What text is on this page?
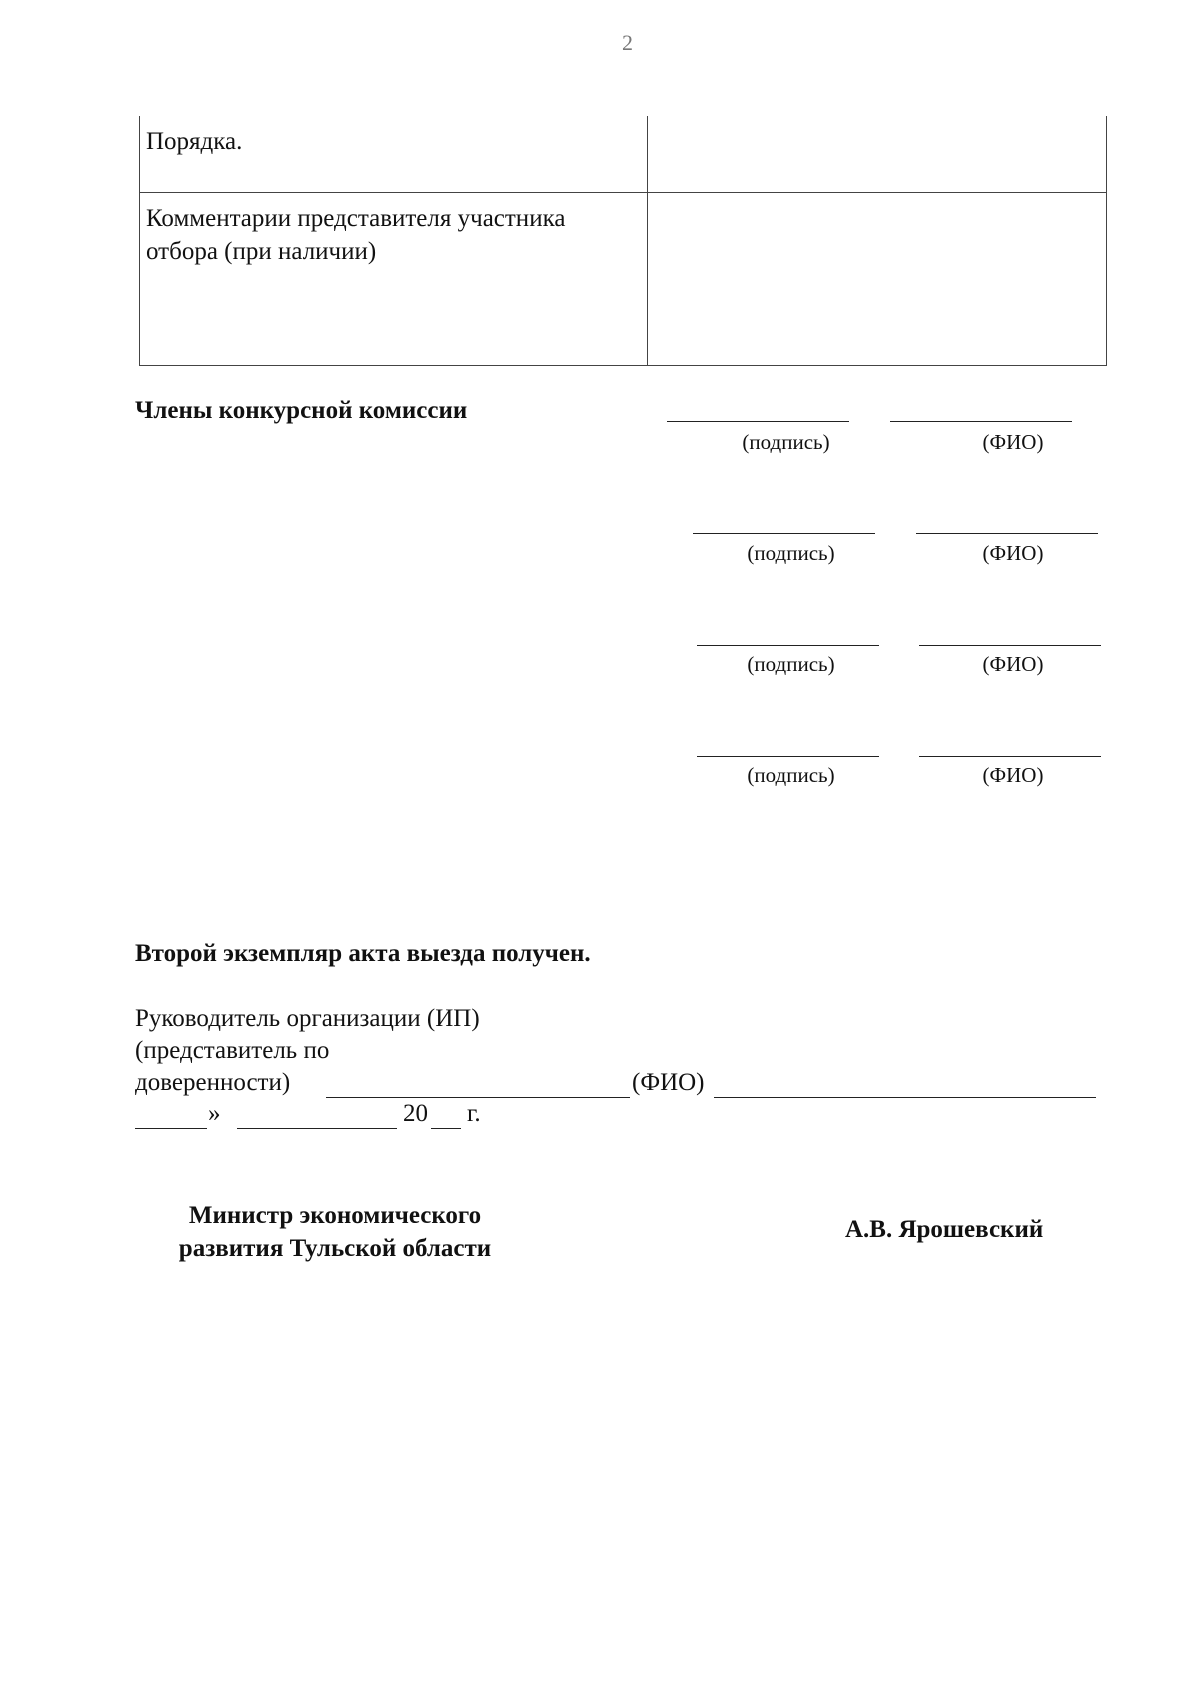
2
Порядка.	
Комментарии представителя участника отбора (при наличии)	
Члены конкурсной комиссии
(подпись)	(ФИО)
(подпись)	(ФИО)
(подпись)	(ФИО)
(подпись)	(ФИО)
Второй экземпляр акта выезда получен.
Руководитель организации (ИП)
(представитель по
доверенности)	(ФИО)
»	20 г.
Министр экономического развития Тульской области
А.В. Ярошевский
